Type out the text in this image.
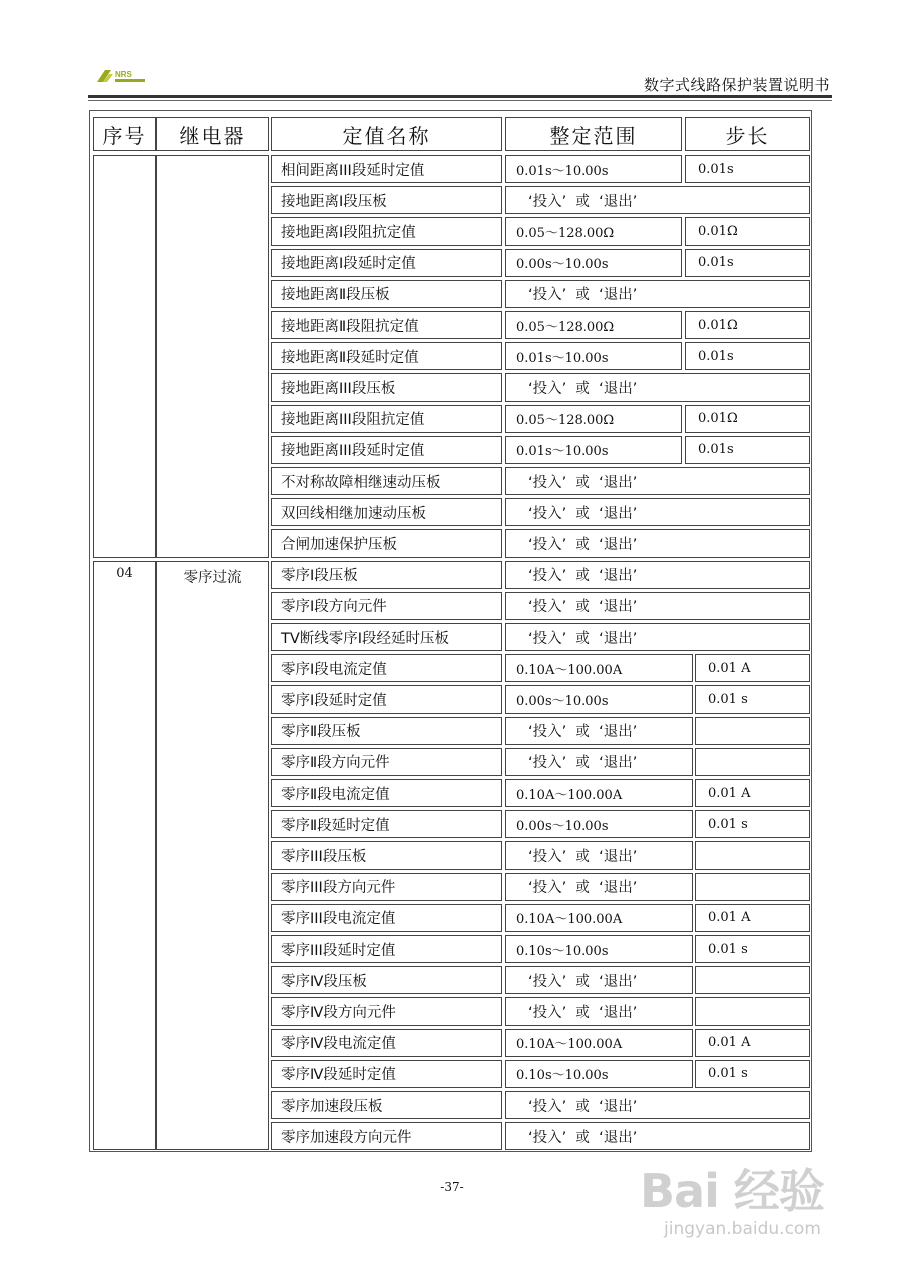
NRS
数字式线路保护装置说明书
序号	继电器	定值名称	整定范围	步长
相间距离III段延时定值	0.01s～10.00s	0.01s
接地距离Ⅰ段压板	‘投入’  或  ‘退出’
接地距离Ⅰ段阻抗定值	0.05～128.00Ω	0.01Ω
接地距离Ⅰ段延时定值	0.00s～10.00s	0.01s
接地距离Ⅱ段压板	‘投入’  或  ‘退出’
接地距离Ⅱ段阻抗定值	0.05～128.00Ω	0.01Ω
接地距离Ⅱ段延时定值	0.01s～10.00s	0.01s
接地距离III段压板	‘投入’  或  ‘退出’
接地距离III段阻抗定值	0.05～128.00Ω	0.01Ω
接地距离III段延时定值	0.01s～10.00s	0.01s
不对称故障相继速动压板	‘投入’  或  ‘退出’
双回线相继加速动压板	‘投入’  或  ‘退出’
合闸加速保护压板	‘投入’  或  ‘退出’
04	零序过流	零序Ⅰ段压板	‘投入’  或  ‘退出’
零序Ⅰ段方向元件	‘投入’  或  ‘退出’
TV断线零序Ⅰ段经延时压板	‘投入’  或  ‘退出’
零序Ⅰ段电流定值	0.10A～100.00A	0.01 A
零序Ⅰ段延时定值	0.00s～10.00s	0.01 s
零序Ⅱ段压板	‘投入’  或  ‘退出’
零序Ⅱ段方向元件	‘投入’  或  ‘退出’
零序Ⅱ段电流定值	0.10A～100.00A	0.01 A
零序Ⅱ段延时定值	0.00s～10.00s	0.01 s
零序III段压板	‘投入’  或  ‘退出’
零序III段方向元件	‘投入’  或  ‘退出’
零序III段电流定值	0.10A～100.00A	0.01 A
零序III段延时定值	0.10s～10.00s	0.01 s
零序Ⅳ段压板	‘投入’  或  ‘退出’
零序Ⅳ段方向元件	‘投入’  或  ‘退出’
零序Ⅳ段电流定值	0.10A～100.00A	0.01 A
零序Ⅳ段延时定值	0.10s～10.00s	0.01 s
零序加速段压板	‘投入’  或  ‘退出’
零序加速段方向元件	‘投入’  或  ‘退出’
-37-	Bai 经验
jingyan.baidu.com
